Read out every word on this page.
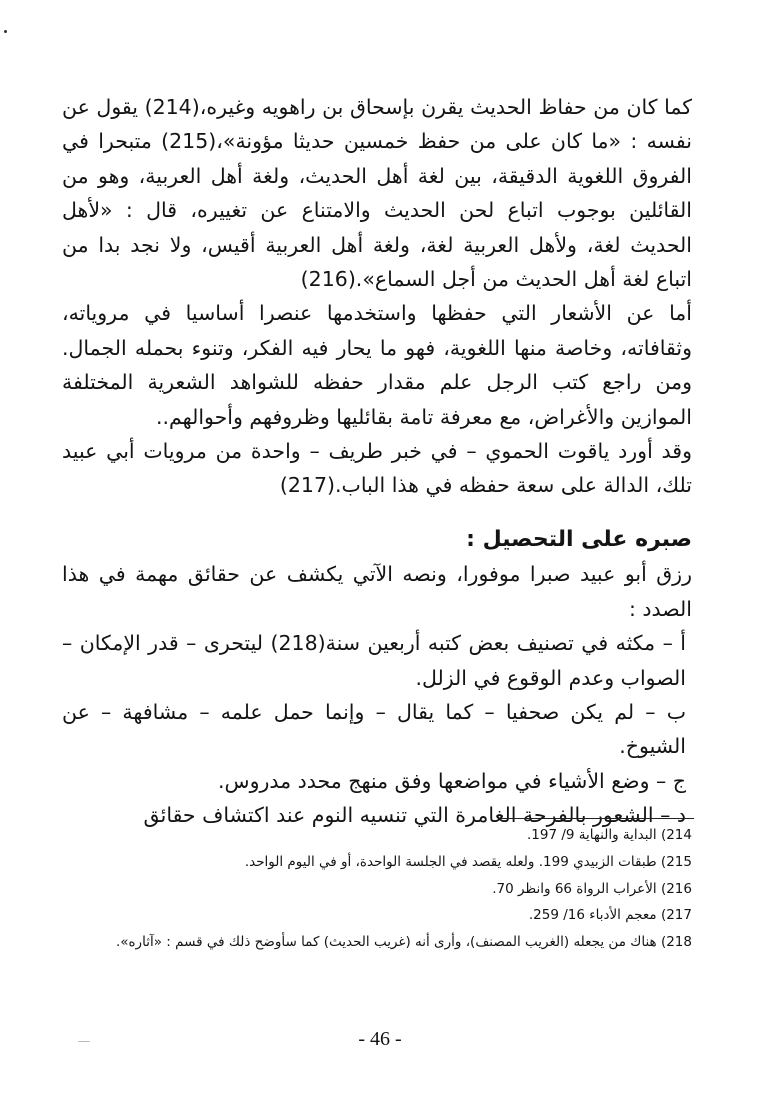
كما كان من حفاظ الحديث يقرن بإسحاق بن راهويه وغيره،(214) يقول عن نفسه : «ما كان على من حفظ خمسين حديثا مؤونة»،(215) متبحرا في الفروق اللغوية الدقيقة، بين لغة أهل الحديث، ولغة أهل العربية، وهو من القائلين بوجوب اتباع لحن الحديث والامتناع عن تغييره، قال : «لأهل الحديث لغة، ولأهل العربية لغة، ولغة أهل العربية أقيس، ولا نجد بدا من اتباع لغة أهل الحديث من أجل السماع».(216)

أما عن الأشعار التي حفظها واستخدمها عنصرا أساسيا في مروياته، وثقافاته، وخاصة منها اللغوية، فهو ما يحار فيه الفكر، وتنوء بحمله الجمال. ومن راجع كتب الرجل علم مقدار حفظه للشواهد الشعرية المختلفة الموازين والأغراض، مع معرفة تامة بقائليها وظروفهم وأحوالهم..

وقد أورد ياقوت الحموي – في خبر طريف – واحدة من مرويات أبي عبيد تلك، الدالة على سعة حفظه في هذا الباب.(217)

صبره على التحصيل :

رزق أبو عبيد صبرا موفورا، ونصه الآتي يكشف عن حقائق مهمة في هذا الصدد :

أ – مكثه في تصنيف بعض كتبه أربعين سنة(218) ليتحرى – قدر الإمكان – الصواب وعدم الوقوع في الزلل.

ب – لم يكن صحفيا – كما يقال – وإنما حمل علمه – مشافهة – عن الشيوخ.

ج – وضع الأشياء في مواضعها وفق منهج محدد مدروس.

د – الشعور بالفرحة الغامرة التي تنسيه النوم عند اكتشاف حقائق

214) البداية والنهاية 9/ 197.

215) طبقات الزبيدي 199. ولعله يقصد في الجلسة الواحدة، أو في اليوم الواحد.

216) الأعراب الرواة 66 وانظر 70.

217) معجم الأدباء 16/ 259.

218) هناك من يجعله (الغريب المصنف)، وأرى أنه (غريب الحديث) كما سأوضح ذلك في قسم : «آثاره».

- 46 -
